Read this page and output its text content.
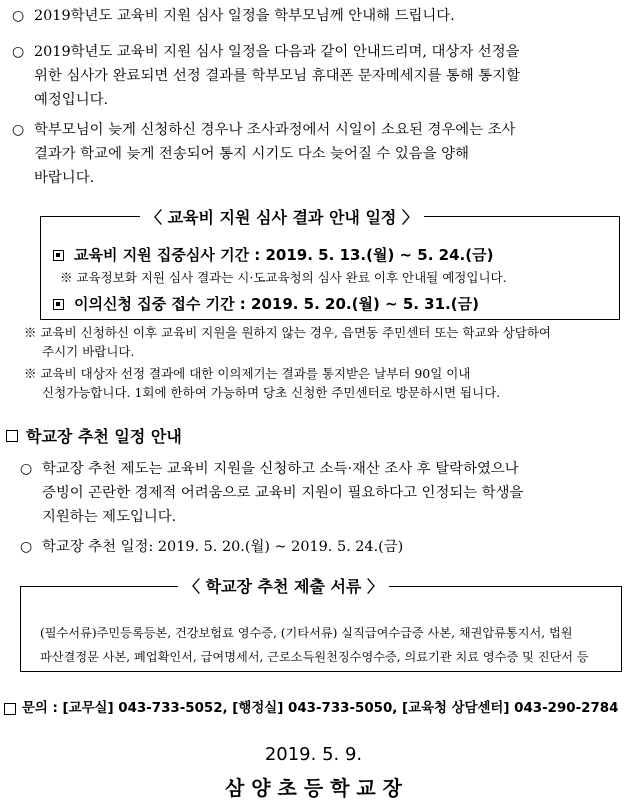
○ 2019학년도 교육비 지원 심사 일정을 학부모님께 안내해 드립니다.
○ 2019학년도 교육비 지원 심사 일정을 다음과 같이 안내드리며, 대상자 선정을
위한 심사가 완료되면 선정 결과를 학부모님 휴대폰 문자메세지를 통해 통지할
예정입니다.
○ 학부모님이 늦게 신청하신 경우나 조사과정에서 시일이 소요된 경우에는 조사
결과가 학교에 늦게 전송되어 통지 시기도 다소 늦어질 수 있음을 양해
바랍니다.
〈 교육비 지원 심사 결과 안내 일정 〉
교육비 지원 집중심사 기간 : 2019. 5. 13.(월) ~ 5. 24.(금)
※ 교육정보화 지원 심사 결과는 시·도교육청의 심사 완료 이후 안내될 예정입니다.
이의신청 집중 접수 기간 : 2019. 5. 20.(월) ~ 5. 31.(금)
※ 교육비 신청하신 이후 교육비 지원을 원하지 않는 경우, 읍면동 주민센터 또는 학교와 상담하여
주시기 바랍니다.
※ 교육비 대상자 선정 결과에 대한 이의제기는 결과를 통지받은 날부터 90일 이내
신청가능합니다. 1회에 한하여 가능하며 당초 신청한 주민센터로 방문하시면 됩니다.
학교장 추천 일정 안내
○ 학교장 추천 제도는 교육비 지원을 신청하고 소득·재산 조사 후 탈락하였으나
증빙이 곤란한 경제적 어려움으로 교육비 지원이 필요하다고 인정되는 학생을
지원하는 제도입니다.
○ 학교장 추천 일정: 2019. 5. 20.(월) ~ 2019. 5. 24.(금)
〈 학교장 추천 제출 서류 〉
(필수서류)주민등록등본, 건강보험료 영수증, (기타서류) 실직급여수급증 사본, 채권압류통지서, 법원
파산결정문 사본, 폐업확인서, 급여명세서, 근로소득원천징수영수증, 의료기관 치료 영수증 및 진단서 등
문의 : [교무실] 043-733-5052, [행정실] 043-733-5050, [교육청 상담센터] 043-290-2784
2019. 5. 9.
삼 양 초 등 학 교 장
